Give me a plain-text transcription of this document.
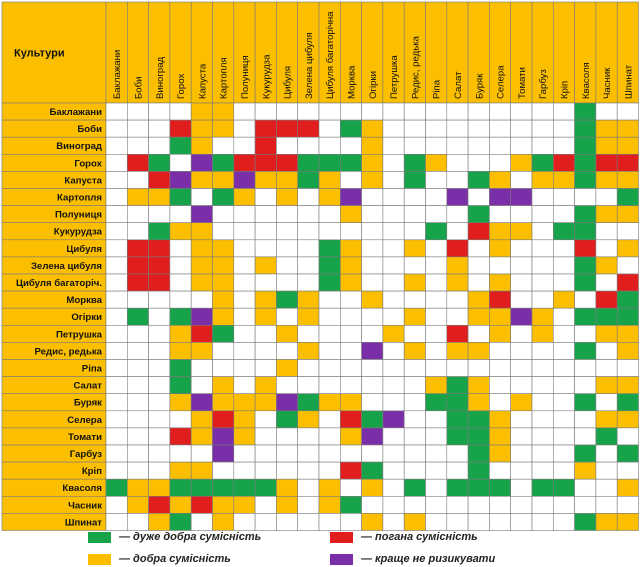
Культури	Баклажани Боби Виноград Горох Капуста Картопля Полуниця Кукурудза Цибуля Зелена цибуля Цибуля багаторічна Морква Огірки Петрушка Редис, редька Ріпа Салат Буряк Селера Томати Гарбуз Кріп Квасоля Часник Шпинат
Баклажани
Боби
Виноград
Горох
Капуста
Картопля
Полуниця
Кукурудза
Цибуля
Зелена цибуля
Цибуля багаторіч.
Морква
Огірки
Петрушка
Редис, редька
Ріпа
Салат
Буряк
Селера
Томати
Гарбуз
Кріп
Квасоля
Часник
Шпинат
— дуже добра сумісність
— добра сумісність
— погана сумісність
— краще не ризикувати
